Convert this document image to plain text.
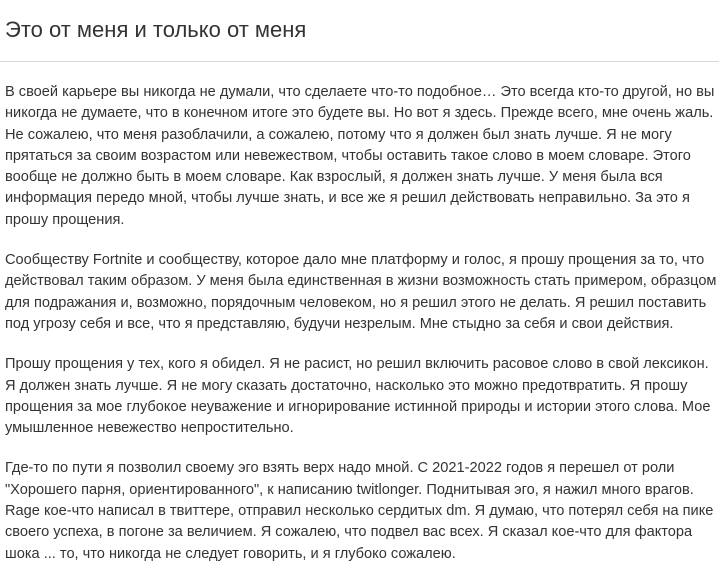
Это от меня и только от меня

В своей карьере вы никогда не думали, что сделаете что-то подобное… Это всегда кто-то другой, но вы никогда не думаете, что в конечном итоге это будете вы. Но вот я здесь. Прежде всего, мне очень жаль. Не сожалею, что меня разоблачили, а сожалею, потому что я должен был знать лучше. Я не могу прятаться за своим возрастом или невежеством, чтобы оставить такое слово в моем словаре. Этого вообще не должно быть в моем словаре. Как взрослый, я должен знать лучше. У меня была вся информация передо мной, чтобы лучше знать, и все же я решил действовать неправильно. За это я прошу прощения.

Сообществу Fortnite и сообществу, которое дало мне платформу и голос, я прошу прощения за то, что действовал таким образом. У меня была единственная в жизни возможность стать примером, образцом для подражания и, возможно, порядочным человеком, но я решил этого не делать. Я решил поставить под угрозу себя и все, что я представляю, будучи незрелым. Мне стыдно за себя и свои действия.

Прошу прощения у тех, кого я обидел. Я не расист, но решил включить расовое слово в свой лексикон. Я должен знать лучше. Я не могу сказать достаточно, насколько это можно предотвратить. Я прошу прощения за мое глубокое неуважение и игнорирование истинной природы и истории этого слова. Мое умышленное невежество непростительно.

Где-то по пути я позволил своему эго взять верх надо мной. С 2021-2022 годов я перешел от роли "Хорошего парня, ориентированного", к написанию twitlonger. Поднитывая эго, я нажил много врагов. Rage кое-что написал в твиттере, отправил несколько сердитых dm. Я думаю, что потерял себя на пике своего успеха, в погоне за величием. Я сожалею, что подвел вас всех. Я сказал кое-что для фактора шока ... то, что никогда не следует говорить, и я глубоко сожалею.
